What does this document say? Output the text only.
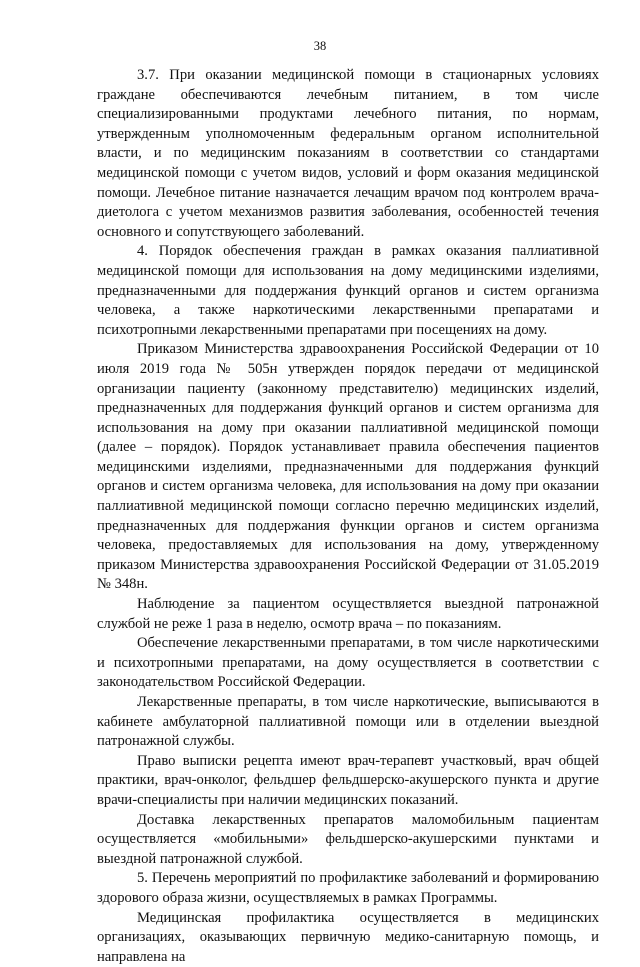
38

3.7. При оказании медицинской помощи в стационарных условиях граждане обеспечиваются лечебным питанием, в том числе специализированными продуктами лечебного питания, по нормам, утвержденным уполномоченным федеральным органом исполнительной власти, и по медицинским показаниям в соответствии со стандартами медицинской помощи с учетом видов, условий и форм оказания медицинской помощи. Лечебное питание назначается лечащим врачом под контролем врача-диетолога с учетом механизмов развития заболевания, особенностей течения основного и сопутствующего заболеваний.

4. Порядок обеспечения граждан в рамках оказания паллиативной медицинской помощи для использования на дому медицинскими изделиями, предназначенными для поддержания функций органов и систем организма человека, а также наркотическими лекарственными препаратами и психотропными лекарственными препаратами при посещениях на дому.

Приказом Министерства здравоохранения Российской Федерации от 10 июля 2019 года № 505н утвержден порядок передачи от медицинской организации пациенту (законному представителю) медицинских изделий, предназначенных для поддержания функций органов и систем организма для использования на дому при оказании паллиативной медицинской помощи (далее – порядок). Порядок устанавливает правила обеспечения пациентов медицинскими изделиями, предназначенными для поддержания функций органов и систем организма человека, для использования на дому при оказании паллиативной медицинской помощи согласно перечню медицинских изделий, предназначенных для поддержания функции органов и систем организма человека, предоставляемых для использования на дому, утвержденному приказом Министерства здравоохранения Российской Федерации от 31.05.2019 № 348н.

Наблюдение за пациентом осуществляется выездной патронажной службой не реже 1 раза в неделю, осмотр врача – по показаниям.

Обеспечение лекарственными препаратами, в том числе наркотическими и психотропными препаратами, на дому осуществляется в соответствии с законодательством Российской Федерации.

Лекарственные препараты, в том числе наркотические, выписываются в кабинете амбулаторной паллиативной помощи или в отделении выездной патронажной службы.

Право выписки рецепта имеют врач-терапевт участковый, врач общей практики, врач-онколог, фельдшер фельдшерско-акушерского пункта и другие врачи-специалисты при наличии медицинских показаний.

Доставка лекарственных препаратов маломобильным пациентам осуществляется «мобильными» фельдшерско-акушерскими пунктами и выездной патронажной службой.

5. Перечень мероприятий по профилактике заболеваний и формированию здорового образа жизни, осуществляемых в рамках Программы.

Медицинская профилактика осуществляется в медицинских организациях, оказывающих первичную медико-санитарную помощь, и направлена на
